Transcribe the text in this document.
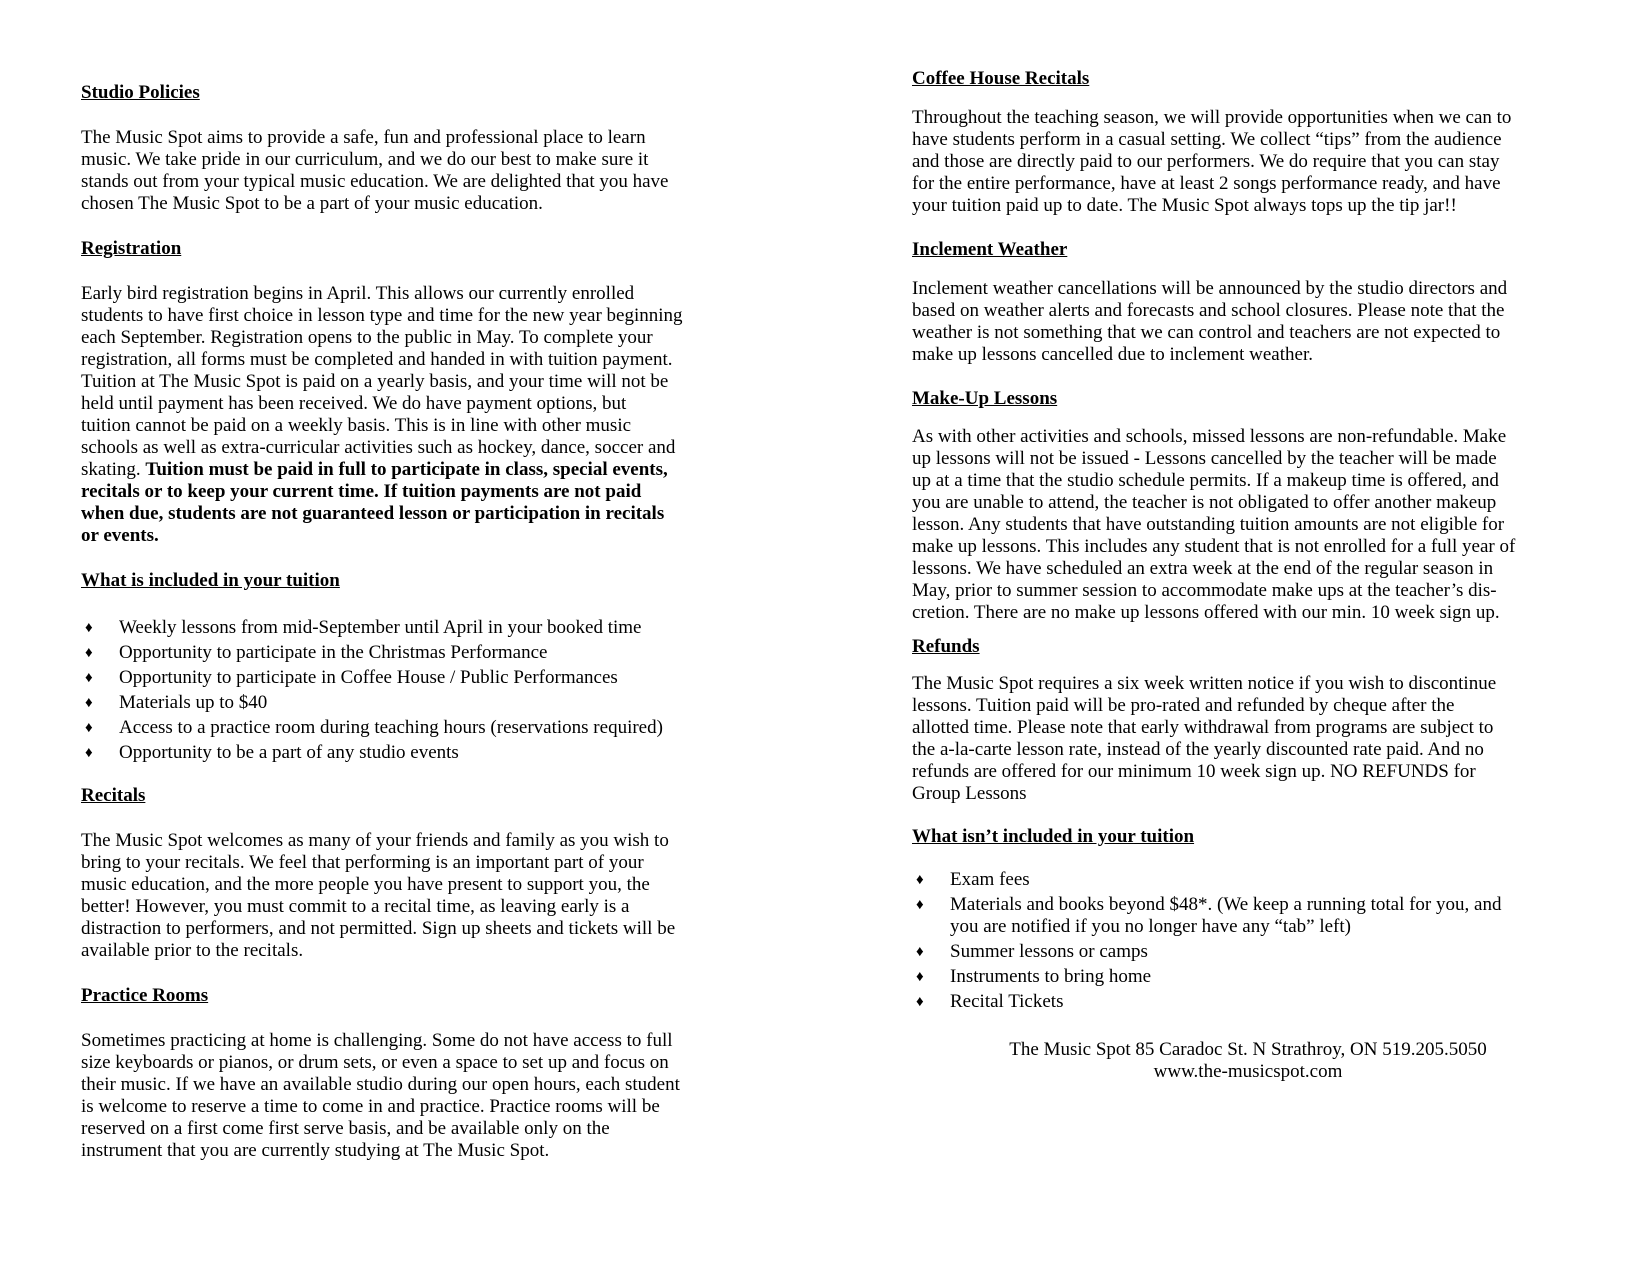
Studio Policies

The Music Spot aims to provide a safe, fun and professional place to learn
music. We take pride in our curriculum, and we do our best to make sure it
stands out from your typical music education. We are delighted that you have
chosen The Music Spot to be a part of your music education.

Registration

Early bird registration begins in April. This allows our currently enrolled
students to have first choice in lesson type and time for the new year beginning
each September. Registration opens to the public in May. To complete your
registration, all forms must be completed and handed in with tuition payment.
Tuition at The Music Spot is paid on a yearly basis, and your time will not be
held until payment has been received. We do have payment options, but
tuition cannot be paid on a weekly basis. This is in line with other music
schools as well as extra-curricular activities such as hockey, dance, soccer and
skating. Tuition must be paid in full to participate in class, special events,
recitals or to keep your current time. If tuition payments are not paid
when due, students are not guaranteed lesson or participation in recitals
or events.

What is included in your tuition
♦ Weekly lessons from mid-September until April in your booked time
♦ Opportunity to participate in the Christmas Performance
♦ Opportunity to participate in Coffee House / Public Performances
♦ Materials up to $40
♦ Access to a practice room during teaching hours (reservations required)
♦ Opportunity to be a part of any studio events
Recitals

The Music Spot welcomes as many of your friends and family as you wish to
bring to your recitals. We feel that performing is an important part of your
music education, and the more people you have present to support you, the
better! However, you must commit to a recital time, as leaving early is a
distraction to performers, and not permitted. Sign up sheets and tickets will be
available prior to the recitals.

Practice Rooms

Sometimes practicing at home is challenging. Some do not have access to full
size keyboards or pianos, or drum sets, or even a space to set up and focus on
their music. If we have an available studio during our open hours, each student
is welcome to reserve a time to come in and practice. Practice rooms will be
reserved on a first come first serve basis, and be available only on the
instrument that you are currently studying at The Music Spot.

Coffee House Recitals

Throughout the teaching season, we will provide opportunities when we can to
have students perform in a casual setting. We collect “tips” from the audience
and those are directly paid to our performers. We do require that you can stay
for the entire performance, have at least 2 songs performance ready, and have
your tuition paid up to date. The Music Spot always tops up the tip jar!!

Inclement Weather

Inclement weather cancellations will be announced by the studio directors and
based on weather alerts and forecasts and school closures. Please note that the
weather is not something that we can control and teachers are not expected to
make up lessons cancelled due to inclement weather.

Make-Up Lessons

As with other activities and schools, missed lessons are non-refundable. Make
up lessons will not be issued - Lessons cancelled by the teacher will be made
up at a time that the studio schedule permits. If a makeup time is offered, and
you are unable to attend, the teacher is not obligated to offer another makeup
lesson. Any students that have outstanding tuition amounts are not eligible for
make up lessons. This includes any student that is not enrolled for a full year of
lessons. We have scheduled an extra week at the end of the regular season in
May, prior to summer session to accommodate make ups at the teacher’s dis-
cretion. There are no make up lessons offered with our min. 10 week sign up.

Refunds

The Music Spot requires a six week written notice if you wish to discontinue
lessons. Tuition paid will be pro-rated and refunded by cheque after the
allotted time. Please note that early withdrawal from programs are subject to
the a-la-carte lesson rate, instead of the yearly discounted rate paid. And no
refunds are offered for our minimum 10 week sign up. NO REFUNDS for
Group Lessons

What isn’t included in your tuition
♦ Exam fees
♦ Materials and books beyond $48*. (We keep a running total for you, and
you are notified if you no longer have any “tab” left)
♦ Summer lessons or camps
♦ Instruments to bring home
♦ Recital Tickets
The Music Spot 85 Caradoc St. N Strathroy, ON 519.205.5050
www.the-musicspot.com
